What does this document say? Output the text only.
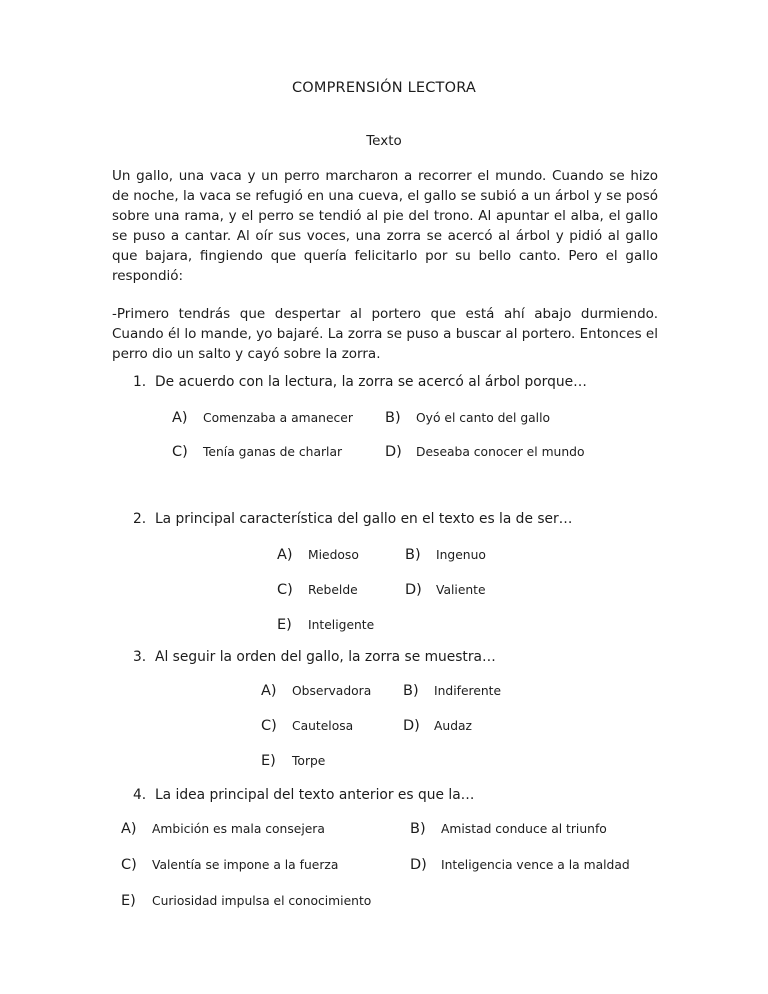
COMPRENSIÓN LECTORA
Texto

Un gallo, una vaca y un perro marcharon a recorrer el mundo. Cuando se hizo de noche, la vaca se refugió en una cueva, el gallo se subió a un árbol y se posó sobre una rama, y el perro se tendió al pie del trono. Al apuntar el alba, el gallo se puso a cantar. Al oír sus voces, una zorra se acercó al árbol y pidió al gallo que bajara, fingiendo que quería felicitarlo por su bello canto. Pero el gallo respondió:

-Primero tendrás que despertar al portero que está ahí abajo durmiendo. Cuando él lo mande, yo bajaré. La zorra se puso a buscar al portero. Entonces el perro dio un salto y cayó sobre la zorra.

1. De acuerdo con la lectura, la zorra se acercó al árbol porque…
A)	Comenzaba a amanecer B)	Oyó el canto del gallo
C)	Tenía ganas de charlar	D)	Deseaba conocer el mundo
2. La principal característica del gallo en el texto es la de ser…
A)	Miedoso	B)	Ingenuo
C)	Rebelde	D)	Valiente
E)	Inteligente
3. Al seguir la orden del gallo, la zorra se muestra…
A)	Observadora B)	Indiferente
C)	Cautelosa	D)	Audaz
E)	Torpe
4. La idea principal del texto anterior es que la…
A)	Ambición es mala consejera	B)	Amistad conduce al triunfo
C)	Valentía se impone a la fuerza	D)	Inteligencia vence a la maldad
E)	Curiosidad impulsa el conocimiento
